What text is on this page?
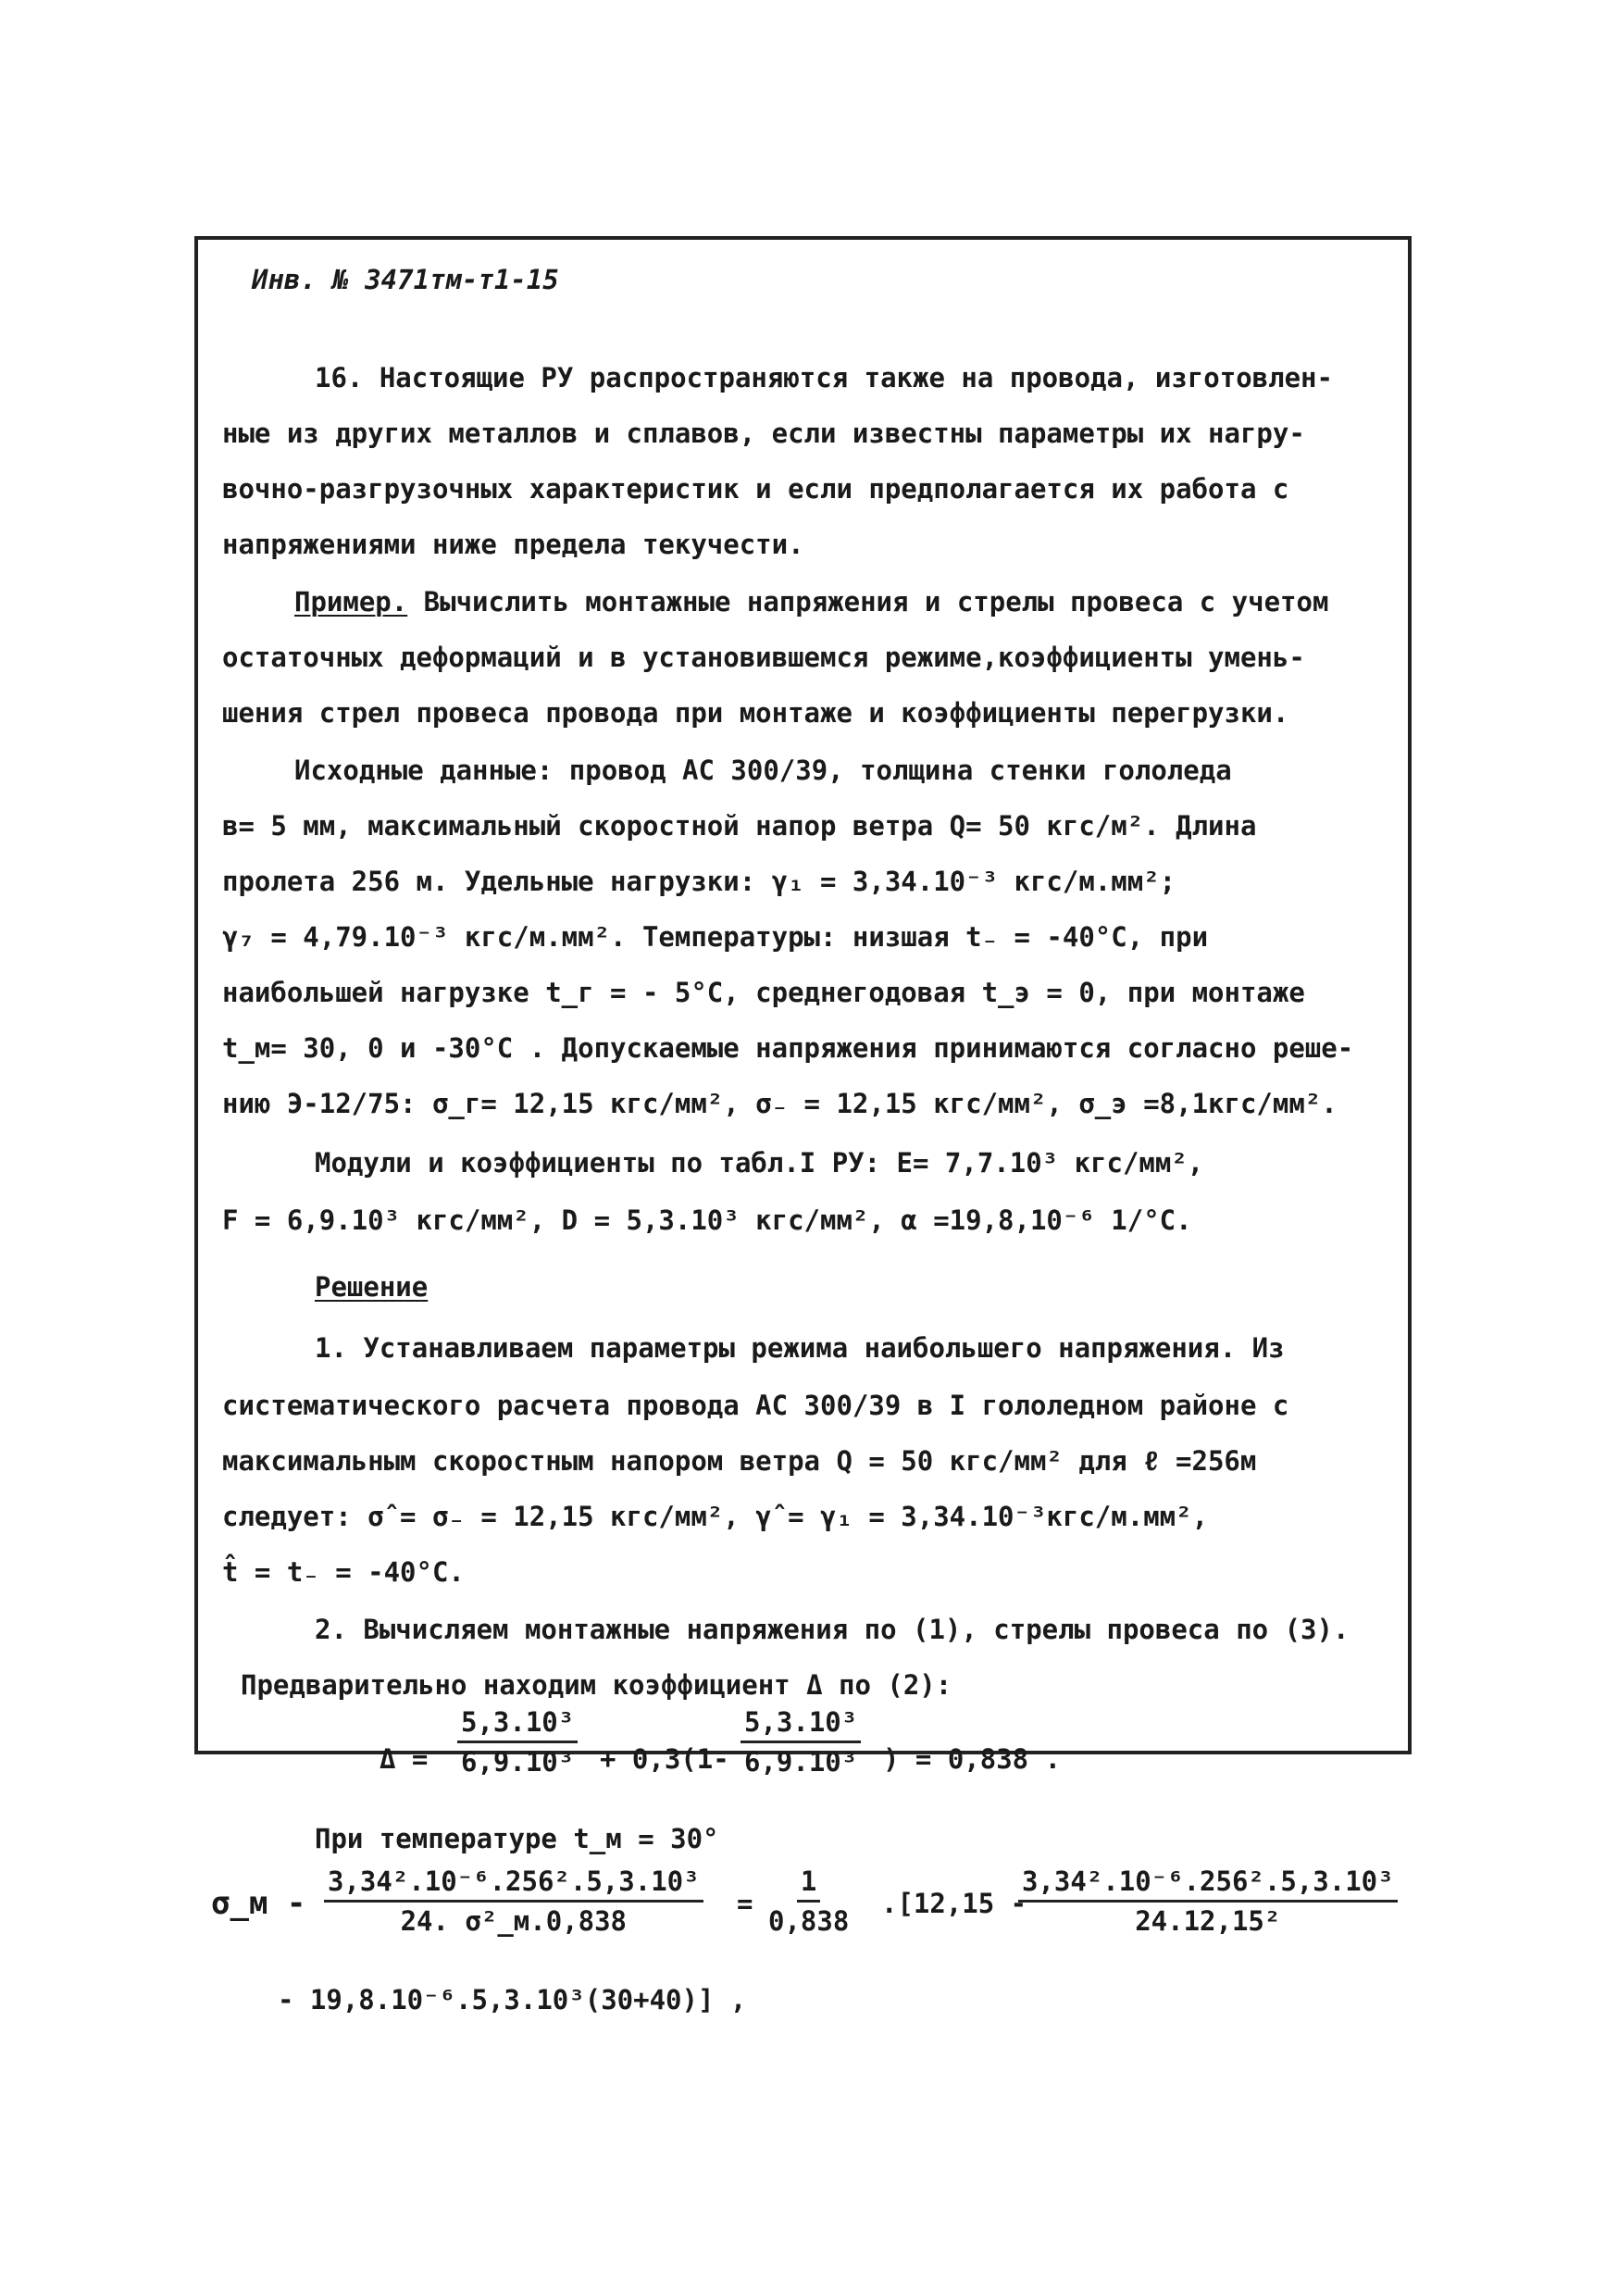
Инв. № 3471тм-т1-15
16. Настоящие РУ распространяются также на провода, изготовлен-
ные из других металлов и сплавов, если известны параметры их нагру-
вочно-разгрузочных характеристик и если предполагается их работа с
напряжениями ниже предела текучести.
Пример. Вычислить монтажные напряжения и стрелы провеса с учетом
остаточных деформаций и в установившемся режиме,коэффициенты умень-
шения стрел провеса провода при монтаже и коэффициенты перегрузки.
Исходные данные: провод АС 300/39, толщина стенки гололеда
в= 5 мм, максимальный скоростной напор ветра Q= 50 кгс/м². Длина
пролета 256 м. Удельные нагрузки: γ₁ = 3,34.10⁻³ кгс/м.мм²;
γ₇ = 4,79.10⁻³ кгс/м.мм². Температуры: низшая t₋ = -40°С, при
наибольшей нагрузке t_г = - 5°С, среднегодовая t_э = 0, при монтаже
t_м= 30, 0 и -30°С . Допускаемые напряжения принимаются согласно реше-
нию Э-12/75: σ_г= 12,15 кгс/мм², σ₋ = 12,15 кгс/мм², σ_э =8,1кгс/мм².
Модули и коэффициенты по табл.I РУ: Е= 7,7.10³ кгс/мм²,
F = 6,9.10³ кгс/мм², D = 5,3.10³ кгс/мм², α =19,8,10⁻⁶ 1/°С.
Решение
1. Устанавливаем параметры режима наибольшего напряжения. Из
систематического расчета провода АС 300/39 в I гололедном районе с
максимальным скоростным напором ветра Q = 50 кгс/мм² для ℓ =256м
следует: σ̂ = σ₋ = 12,15 кгс/мм², γ̂ = γ₁ = 3,34.10⁻³кгс/м.мм²,
t̂ = t₋ = -40°С.
2. Вычисляем монтажные напряжения по (1), стрелы провеса по (3).
Предварительно находим коэффициент Δ по (2):
$\Delta = \frac{\text{5,3.10³}}{\text{6,9.10³}} + 0,3(1- \frac{\text{5,3.10³}}{\text{6,9.10³}}$ ) = 0,838 .
При температуре t_м = 30°
σ_м -
3,34².10⁻⁶.256².5,3.10³
24. σ²_м.0,838
= $\frac{1}{0,838} .[12,15$ -
$\frac{\text{3,34².10⁻⁶.256².5,3.10³}}{\text{24.12,15²}}$
- 19,8.10⁻⁶.5,3.10³(30+40)] ,
